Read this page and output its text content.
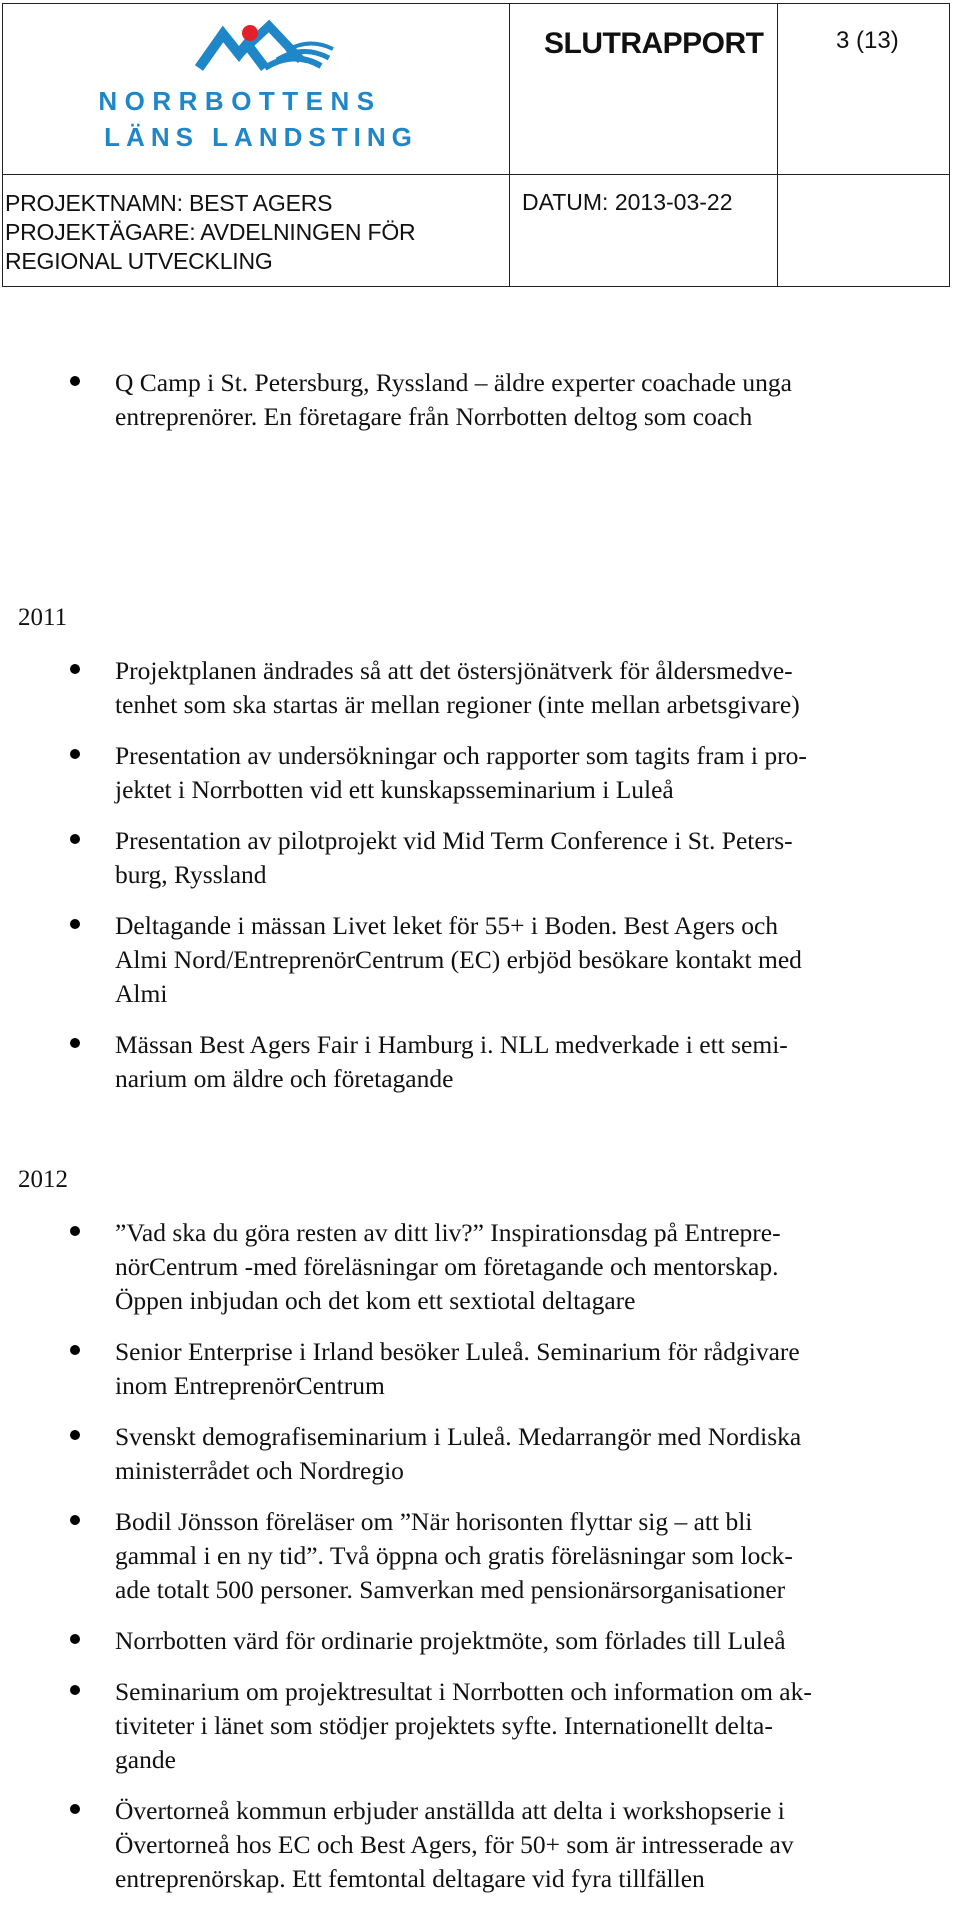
NORRBOTTENS
LÄNS LANDSTING	SLUTRAPPORT	3 (13)

PROJEKTNAMN: BEST AGERS
PROJEKTÄGARE: AVDELNINGEN FÖR
REGIONAL UTVECKLING	DATUM: 2013-03-22	

Q Camp i St. Petersburg, Ryssland – äldre experter coachade unga
entreprenörer. En företagare från Norrbotten deltog som coach
2011
Projektplanen ändrades så att det östersjönätverk för åldersmedve-
tenhet som ska startas är mellan regioner (inte mellan arbetsgivare)
Presentation av undersökningar och rapporter som tagits fram i pro-
jektet i Norrbotten vid ett kunskapsseminarium i Luleå
Presentation av pilotprojekt vid Mid Term Conference i St. Peters-
burg, Ryssland
Deltagande i mässan Livet leket för 55+ i Boden. Best Agers och
Almi Nord/EntreprenörCentrum (EC) erbjöd besökare kontakt med
Almi
Mässan Best Agers Fair i Hamburg i. NLL medverkade i ett semi-
narium om äldre och företagande
2012
”Vad ska du göra resten av ditt liv?” Inspirationsdag på Entrepre-
nörCentrum -med föreläsningar om företagande och mentorskap.
Öppen inbjudan och det kom ett sextiotal deltagare
Senior Enterprise i Irland besöker Luleå. Seminarium för rådgivare
inom EntreprenörCentrum
Svenskt demografiseminarium i Luleå. Medarrangör med Nordiska
ministerrådet och Nordregio
Bodil Jönsson föreläser om ”När horisonten flyttar sig – att bli
gammal i en ny tid”. Två öppna och gratis föreläsningar som lock-
ade totalt 500 personer. Samverkan med pensionärsorganisationer
Norrbotten värd för ordinarie projektmöte, som förlades till Luleå
Seminarium om projektresultat i Norrbotten och information om ak-
tiviteter i länet som stödjer projektets syfte. Internationellt delta-
gande
Övertorneå kommun erbjuder anställda att delta i workshopserie i
Övertorneå hos EC och Best Agers, för 50+ som är intresserade av
entreprenörskap. Ett femtontal deltagare vid fyra tillfällen
